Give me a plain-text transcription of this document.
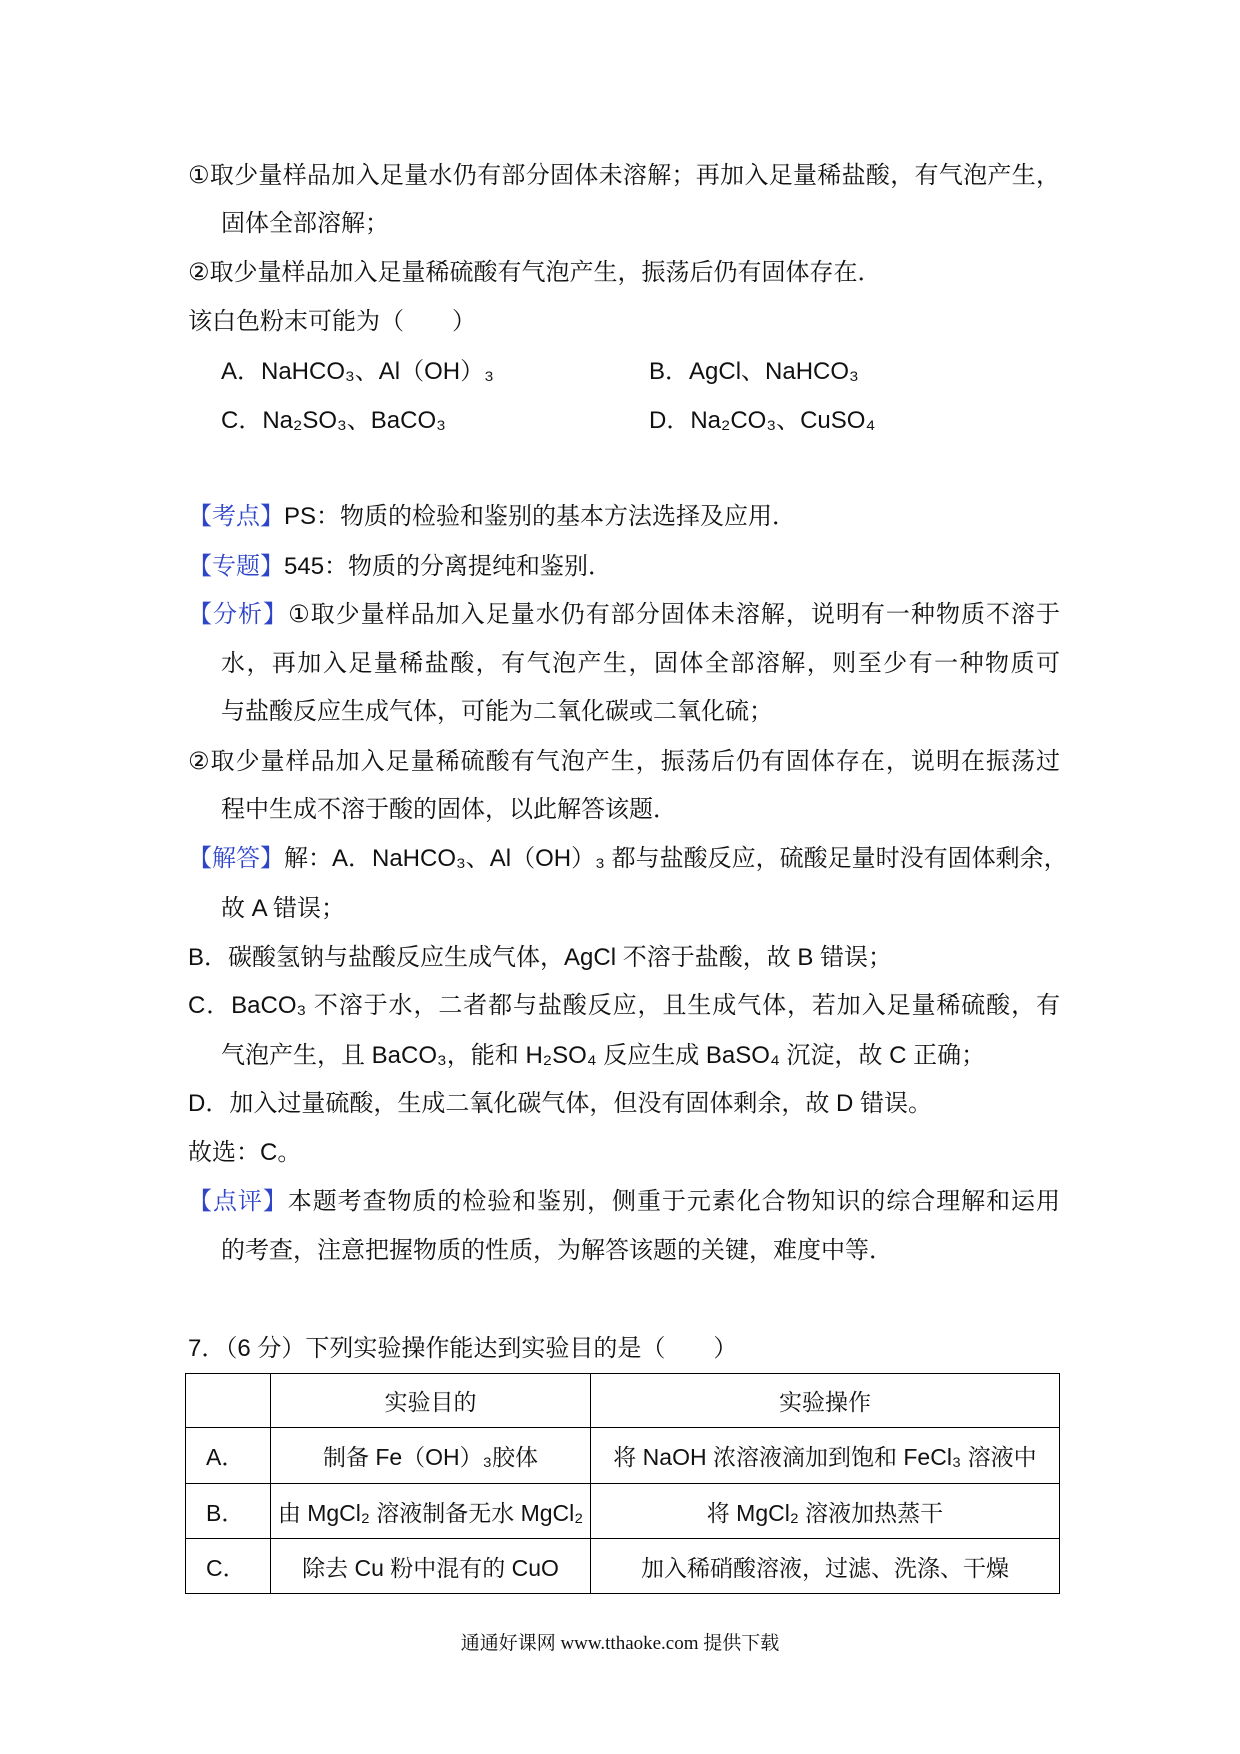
①取少量样品加入足量水仍有部分固体未溶解；再加入足量稀盐酸，有气泡产生，
固体全部溶解；
②取少量样品加入足量稀硫酸有气泡产生，振荡后仍有固体存在．
该白色粉末可能为（　　）
A．NaHCO₃、Al（OH）₃	B．AgCl、NaHCO₃
C．Na₂SO₃、BaCO₃	D．Na₂CO₃、CuSO₄
【考点】PS：物质的检验和鉴别的基本方法选择及应用．
【专题】545：物质的分离提纯和鉴别．
【分析】①取少量样品加入足量水仍有部分固体未溶解，说明有一种物质不溶于
水，再加入足量稀盐酸，有气泡产生，固体全部溶解，则至少有一种物质可
与盐酸反应生成气体，可能为二氧化碳或二氧化硫；
②取少量样品加入足量稀硫酸有气泡产生，振荡后仍有固体存在，说明在振荡过
程中生成不溶于酸的固体，以此解答该题．
【解答】解：A．NaHCO₃、Al（OH）₃ 都与盐酸反应，硫酸足量时没有固体剩余，
故 A 错误；
B．碳酸氢钠与盐酸反应生成气体，AgCl 不溶于盐酸，故 B 错误；
C．BaCO₃ 不溶于水，二者都与盐酸反应，且生成气体，若加入足量稀硫酸，有
气泡产生，且 BaCO₃，能和 H₂SO₄ 反应生成 BaSO₄ 沉淀，故 C 正确；
D．加入过量硫酸，生成二氧化碳气体，但没有固体剩余，故 D 错误。
故选：C。
【点评】本题考查物质的检验和鉴别，侧重于元素化合物知识的综合理解和运用
的考查，注意把握物质的性质，为解答该题的关键，难度中等．
7．（6 分）下列实验操作能达到实验目的是（　　）
	实验目的	实验操作
A．	制备 Fe（OH）₃胶体	将 NaOH 浓溶液滴加到饱和 FeCl₃ 溶液中
B．	由 MgCl₂ 溶液制备无水 MgCl₂	将 MgCl₂ 溶液加热蒸干
C．	除去 Cu 粉中混有的 CuO	加入稀硝酸溶液，过滤、洗涤、干燥
通通好课网 www.tthaoke.com 提供下载
